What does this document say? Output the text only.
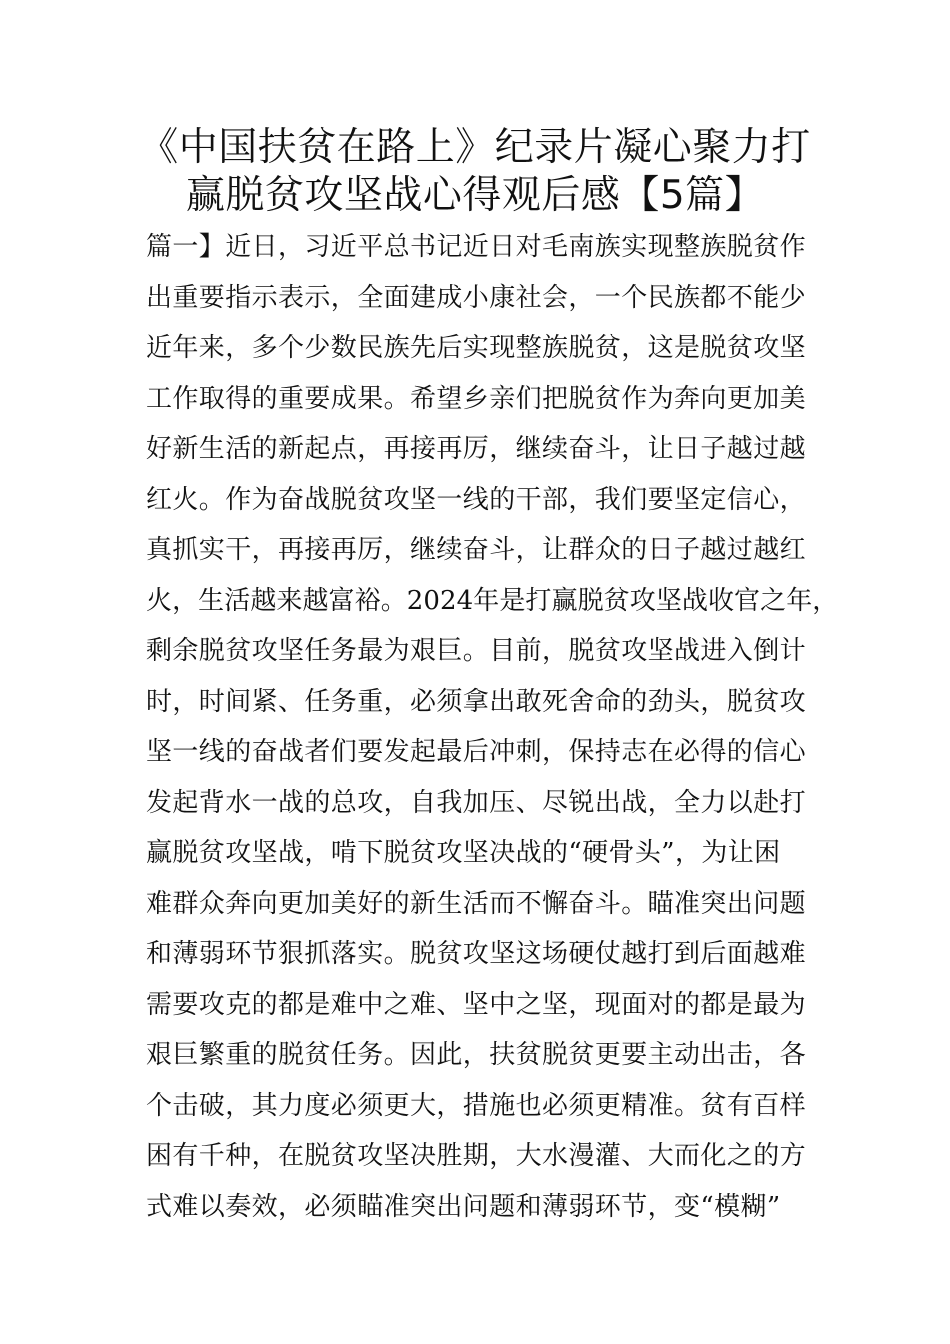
《中国扶贫在路上》纪录片凝心聚力打
赢脱贫攻坚战心得观后感【5篇】
篇一】近日，习近平总书记近日对毛南族实现整族脱贫作
出重要指示表示，全面建成小康社会，一个民族都不能少
近年来，多个少数民族先后实现整族脱贫，这是脱贫攻坚
工作取得的重要成果。希望乡亲们把脱贫作为奔向更加美
好新生活的新起点，再接再厉，继续奋斗，让日子越过越
红火。作为奋战脱贫攻坚一线的干部，我们要坚定信心，
真抓实干，再接再厉，继续奋斗，让群众的日子越过越红
火，生活越来越富裕。2024年是打赢脱贫攻坚战收官之年，
剩余脱贫攻坚任务最为艰巨。目前，脱贫攻坚战进入倒计
时，时间紧、任务重，必须拿出敢死舍命的劲头，脱贫攻
坚一线的奋战者们要发起最后冲刺，保持志在必得的信心
发起背水一战的总攻，自我加压、尽锐出战，全力以赴打
赢脱贫攻坚战，啃下脱贫攻坚决战的“硬骨头”，为让困
难群众奔向更加美好的新生活而不懈奋斗。瞄准突出问题
和薄弱环节狠抓落实。脱贫攻坚这场硬仗越打到后面越难
需要攻克的都是难中之难、坚中之坚，现面对的都是最为
艰巨繁重的脱贫任务。因此，扶贫脱贫更要主动出击，各
个击破，其力度必须更大，措施也必须更精准。贫有百样
困有千种，在脱贫攻坚决胜期，大水漫灌、大而化之的方
式难以奏效，必须瞄准突出问题和薄弱环节，变“模糊”
